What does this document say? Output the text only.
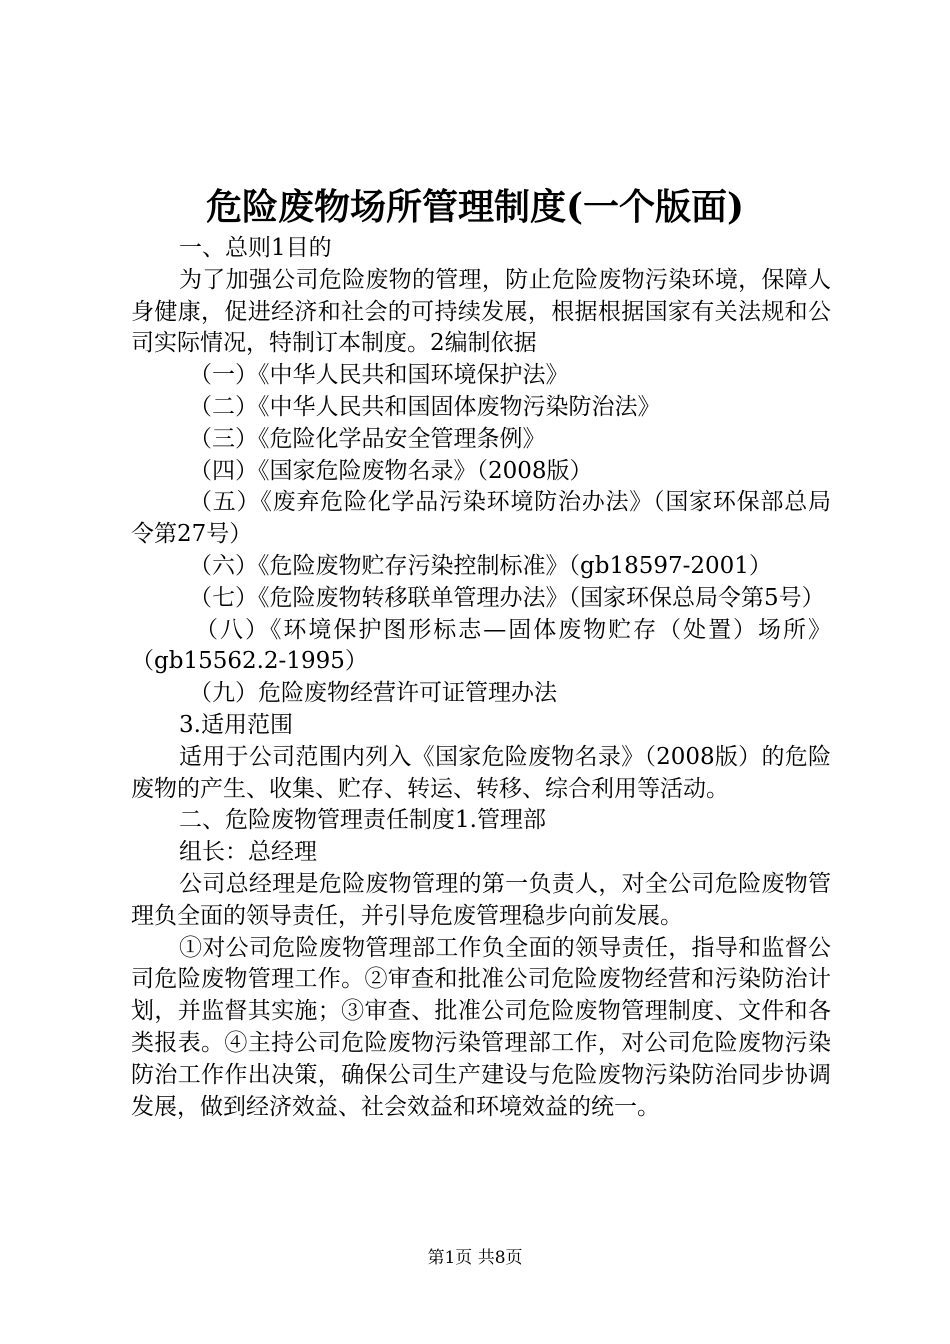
危险废物场所管理制度(一个版面)

一、总则1目的

为了加强公司危险废物的管理，防止危险废物污染环境，保障人身健康，促进经济和社会的可持续发展，根据根据国家有关法规和公司实际情况，特制订本制度。2编制依据

（一）《中华人民共和国环境保护法》

（二）《中华人民共和国固体废物污染防治法》

（三）《危险化学品安全管理条例》

（四）《国家危险废物名录》（2008版）

（五）《废弃危险化学品污染环境防治办法》（国家环保部总局令第27号）

（六）《危险废物贮存污染控制标准》（gb18597-2001）

（七）《危险废物转移联单管理办法》（国家环保总局令第5号）

（八）《环境保护图形标志—固体废物贮存（处置）场所》（gb15562.2-1995）

（九）危险废物经营许可证管理办法

3.适用范围

适用于公司范围内列入《国家危险废物名录》（2008版）的危险废物的产生、收集、贮存、转运、转移、综合利用等活动。

二、危险废物管理责任制度1.管理部

组长：总经理

公司总经理是危险废物管理的第一负责人，对全公司危险废物管理负全面的领导责任，并引导危废管理稳步向前发展。

①对公司危险废物管理部工作负全面的领导责任，指导和监督公司危险废物管理工作。②审查和批准公司危险废物经营和污染防治计划，并监督其实施；③审查、批准公司危险废物管理制度、文件和各类报表。④主持公司危险废物污染管理部工作，对公司危险废物污染防治工作作出决策，确保公司生产建设与危险废物污染防治同步协调发展，做到经济效益、社会效益和环境效益的统一。

第1页 共8页
